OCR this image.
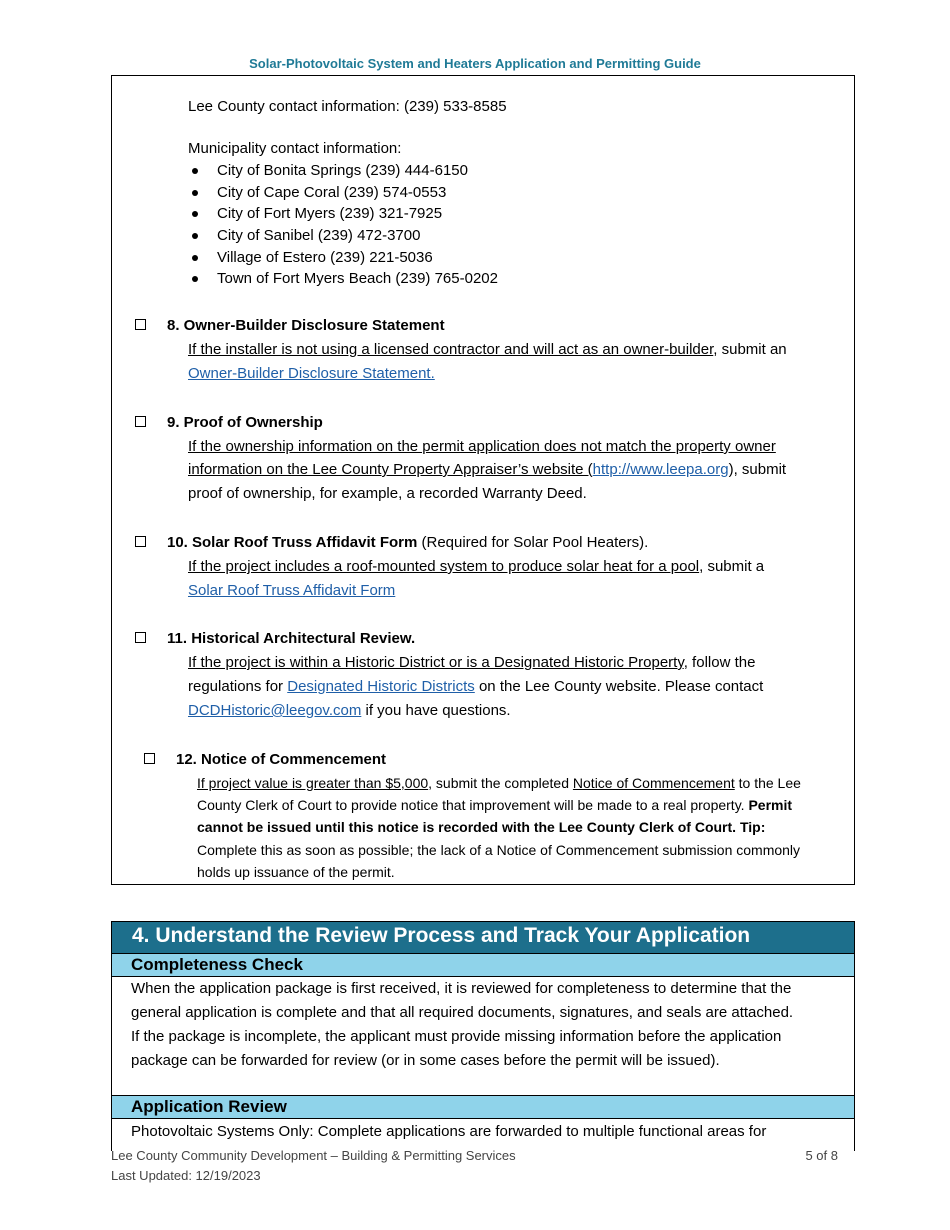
Solar-Photovoltaic System and Heaters Application and Permitting Guide
Lee County contact information: (239) 533-8585
Municipality contact information:
City of Bonita Springs (239) 444-6150
City of Cape Coral (239) 574-0553
City of Fort Myers (239) 321-7925
City of Sanibel (239) 472-3700
Village of Estero (239) 221-5036
Town of Fort Myers Beach (239) 765-0202
8. Owner-Builder Disclosure Statement
If the installer is not using a licensed contractor and will act as an owner-builder, submit an
Owner-Builder Disclosure Statement.
9. Proof of Ownership
If the ownership information on the permit application does not match the property owner
information on the Lee County Property Appraiser’s website (http://www.leepa.org), submit
proof of ownership, for example, a recorded Warranty Deed.
10. Solar Roof Truss Affidavit Form (Required for Solar Pool Heaters).
If the project includes a roof-mounted system to produce solar heat for a pool, submit a
Solar Roof Truss Affidavit Form
11. Historical Architectural Review.
If the project is within a Historic District or is a Designated Historic Property, follow the
regulations for Designated Historic Districts on the Lee County website. Please contact
DCDHistoric@leegov.com if you have questions.
12. Notice of Commencement
If project value is greater than $5,000, submit the completed Notice of Commencement to the Lee
County Clerk of Court to provide notice that improvement will be made to a real property. Permit
cannot be issued until this notice is recorded with the Lee County Clerk of Court. Tip:
Complete this as soon as possible; the lack of a Notice of Commencement submission commonly
holds up issuance of the permit.
4. Understand the Review Process and Track Your Application
Completeness Check
When the application package is first received, it is reviewed for completeness to determine that the
general application is complete and that all required documents, signatures, and seals are attached.
If the package is incomplete, the applicant must provide missing information before the application
package can be forwarded for review (or in some cases before the permit will be issued).
Application Review
Photovoltaic Systems Only: Complete applications are forwarded to multiple functional areas for
Lee County Community Development – Building & Permitting Services
Last Updated: 12/19/2023
5 of 8
